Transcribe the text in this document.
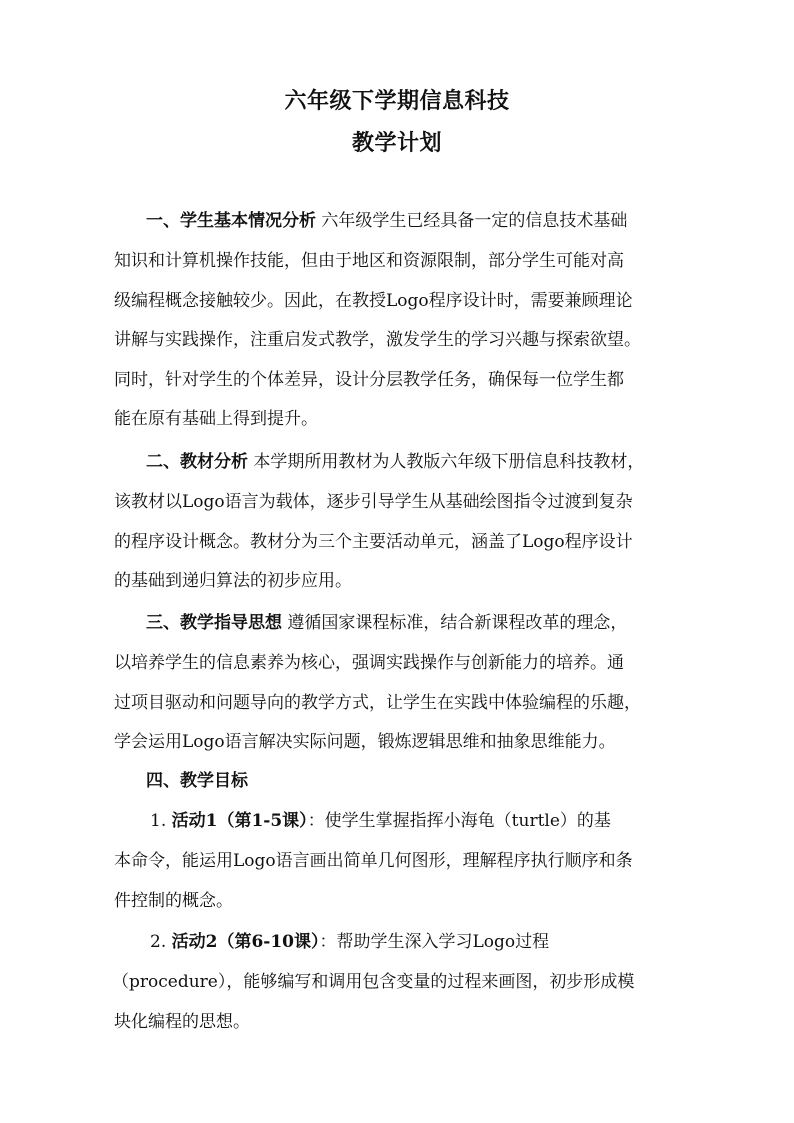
六年级下学期信息科技
教学计划
一、学生基本情况分析 六年级学生已经具备一定的信息技术基础
知识和计算机操作技能，但由于地区和资源限制，部分学生可能对高
级编程概念接触较少。因此，在教授Logo程序设计时，需要兼顾理论
讲解与实践操作，注重启发式教学，激发学生的学习兴趣与探索欲望。
同时，针对学生的个体差异，设计分层教学任务，确保每一位学生都
能在原有基础上得到提升。
二、教材分析 本学期所用教材为人教版六年级下册信息科技教材，
该教材以Logo语言为载体，逐步引导学生从基础绘图指令过渡到复杂
的程序设计概念。教材分为三个主要活动单元，涵盖了Logo程序设计
的基础到递归算法的初步应用。
三、教学指导思想 遵循国家课程标准，结合新课程改革的理念，
以培养学生的信息素养为核心，强调实践操作与创新能力的培养。通
过项目驱动和问题导向的教学方式，让学生在实践中体验编程的乐趣，
学会运用Logo语言解决实际问题，锻炼逻辑思维和抽象思维能力。
四、教学目标
1. 活动1（第1-5课）：使学生掌握指挥小海龟（turtle）的基
本命令，能运用Logo语言画出简单几何图形，理解程序执行顺序和条
件控制的概念。
2. 活动2（第6-10课）：帮助学生深入学习Logo过程
（procedure），能够编写和调用包含变量的过程来画图，初步形成模
块化编程的思想。
